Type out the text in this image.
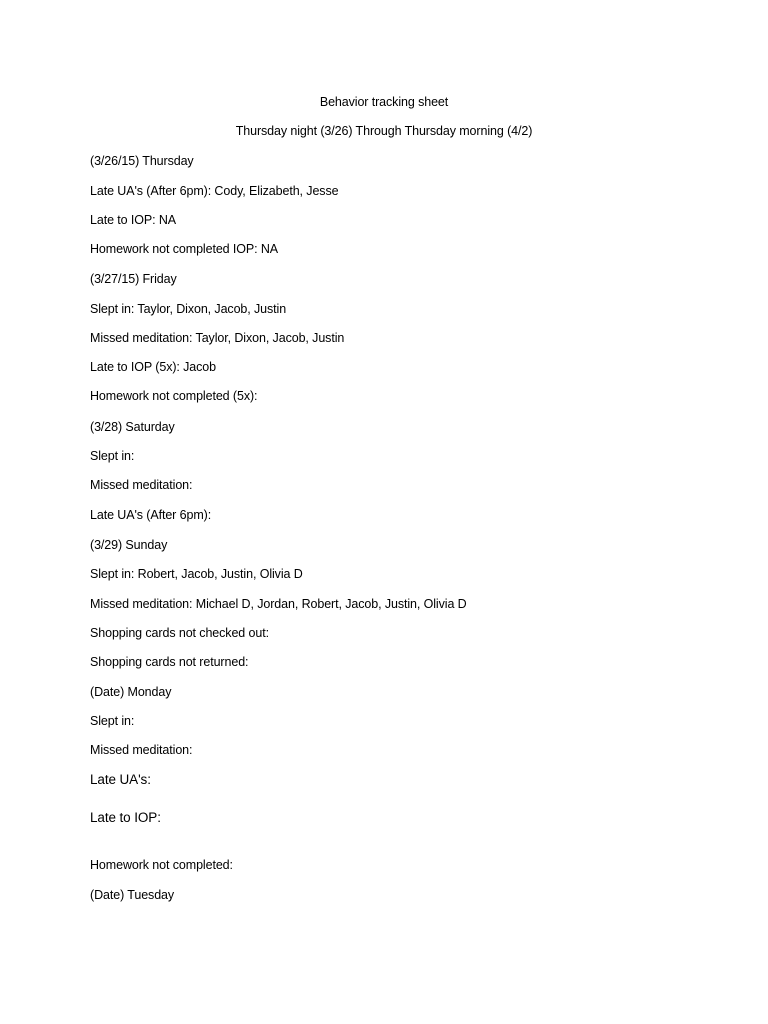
Behavior tracking sheet
Thursday night (3/26) Through Thursday morning (4/2)
(3/26/15) Thursday
Late UA's (After 6pm): Cody, Elizabeth, Jesse
Late to IOP: NA
Homework not completed IOP: NA
(3/27/15) Friday
Slept in: Taylor, Dixon, Jacob, Justin
Missed meditation: Taylor, Dixon, Jacob, Justin
Late to IOP (5x): Jacob
Homework not completed (5x):
(3/28) Saturday
Slept in:
Missed meditation:
Late UA's (After 6pm):
(3/29) Sunday
Slept in: Robert, Jacob, Justin, Olivia D
Missed meditation: Michael D, Jordan, Robert, Jacob, Justin, Olivia D
Shopping cards not checked out:
Shopping cards not returned:
(Date) Monday
Slept in:
Missed meditation:
Late UA's:
Late to IOP:
Homework not completed:
(Date) Tuesday
